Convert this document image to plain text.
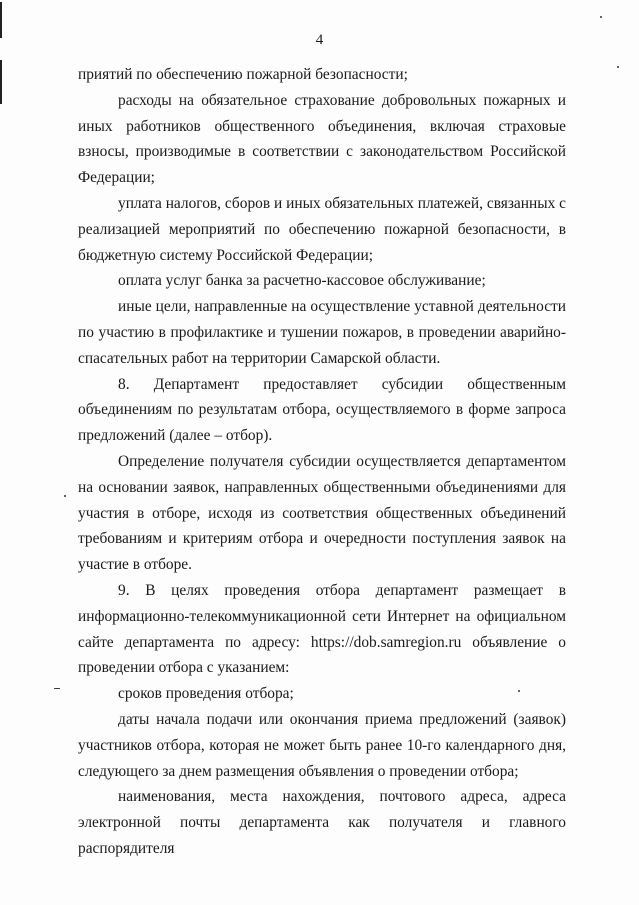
4

приятий по обеспечению пожарной безопасности;

расходы на обязательное страхование добровольных пожарных и иных работников общественного объединения, включая страховые взносы, производимые в соответствии с законодательством Российской Федерации;

уплата налогов, сборов и иных обязательных платежей, связанных с реализацией мероприятий по обеспечению пожарной безопасности, в бюджетную систему Российской Федерации;

оплата услуг банка за расчетно-кассовое обслуживание;

иные цели, направленные на осуществление уставной деятельности по участию в профилактике и тушении пожаров, в проведении аварийно-спасательных работ на территории Самарской области.

8. Департамент предоставляет субсидии общественным объединениям по результатам отбора, осуществляемого в форме запроса предложений (далее – отбор).

Определение получателя субсидии осуществляется департаментом на основании заявок, направленных общественными объединениями для участия в отборе, исходя из соответствия общественных объединений требованиям и критериям отбора и очередности поступления заявок на участие в отборе.

9. В целях проведения отбора департамент размещает в информационно-телекоммуникационной сети Интернет на официальном сайте департамента по адресу: https://dob.samregion.ru объявление о проведении отбора с указанием:

сроков проведения отбора;

даты начала подачи или окончания приема предложений (заявок) участников отбора, которая не может быть ранее 10-го календарного дня, следующего за днем размещения объявления о проведении отбора;

наименования, места нахождения, почтового адреса, адреса электронной почты департамента как получателя и главного распорядителя
